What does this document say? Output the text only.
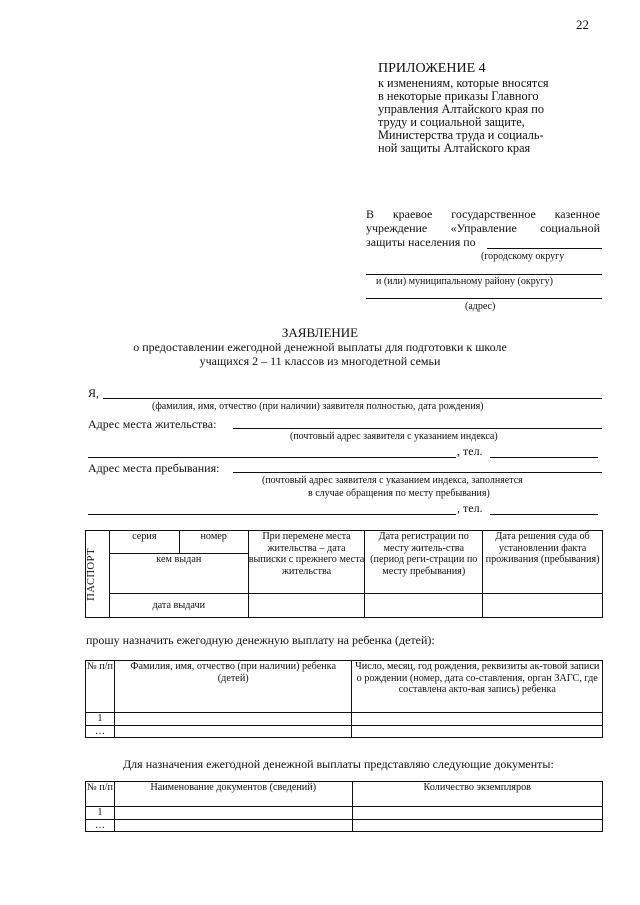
22
ПРИЛОЖЕНИЕ 4
к изменениям, которые вносятся
в некоторые приказы Главного
управления Алтайского края по
труду и социальной защите,
Министерства труда и социаль-
ной защиты Алтайского края
В краевое государственное казенное
учреждение «Управление социальной
защиты населения по
(городскому округу
и (или) муниципальному району (округу)
(адрес)
ЗАЯВЛЕНИЕ
о предоставлении ежегодной денежной выплаты для подготовки к школе
учащихся 2 – 11 классов из многодетной семьи
Я,
(фамилия, имя, отчество (при наличии) заявителя полностью, дата рождения)
Адрес места жительства:
(почтовый адрес заявителя с указанием индекса)
, тел.
Адрес места пребывания:
(почтовый адрес заявителя с указанием индекса, заполняется
в случае обращения по месту пребывания)
, тел.
ПАСПОРТ	серия	номер	При перемене места жительства – дата выписки с прежнего места жительства	Дата регистрации по месту житель-ства (период реги-страции по месту пребывания)	Дата решения суда об установлении факта проживания (пребывания)
	кем выдан				
	дата выдачи				
прошу назначить ежегодную денежную выплату на ребенка (детей):
№ п/п	Фамилия, имя, отчество (при наличии) ребенка (детей)	Число, месяц, год рождения, реквизиты ак-товой записи о рождении (номер, дата со-ставления, орган ЗАГС, где составлена акто-вая запись) ребенка
1		
…		
Для назначения ежегодной денежной выплаты представляю следующие документы:
№ п/п	Наименование документов (сведений)	Количество экземпляров
1		
…		
